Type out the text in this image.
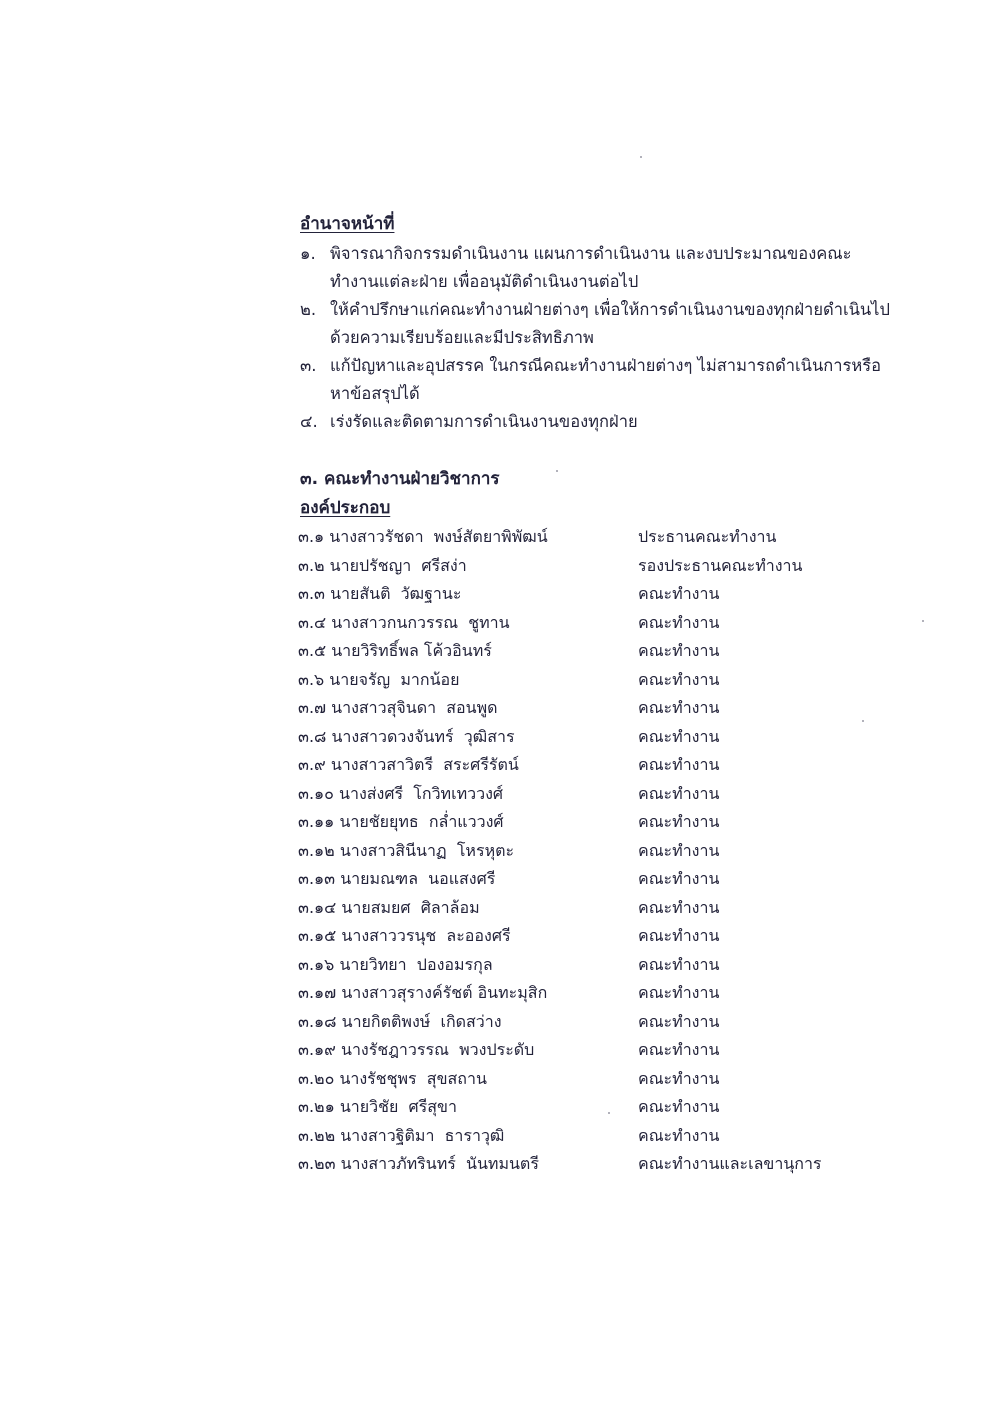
อำนาจหน้าที่
๑. พิจารณากิจกรรมดำเนินงาน แผนการดำเนินงาน และงบประมาณของคณะทำงานแต่ละฝ่าย เพื่ออนุมัติดำเนินงานต่อไป
๒. ให้คำปรึกษาแก่คณะทำงานฝ่ายต่างๆ เพื่อให้การดำเนินงานของทุกฝ่ายดำเนินไปด้วยความเรียบร้อยและมีประสิทธิภาพ
๓. แก้ปัญหาและอุปสรรค ในกรณีคณะทำงานฝ่ายต่างๆ ไม่สามารถดำเนินการหรือหาข้อสรุปได้
๔. เร่งรัดและติดตามการดำเนินงานของทุกฝ่าย
๓. คณะทำงานฝ่ายวิชาการ
องค์ประกอบ
๓.๑ นางสาวรัชดา  พงษ์สัตยาพิพัฒน์	ประธานคณะทำงาน
๓.๒ นายปรัชญา  ศรีสง่า	รองประธานคณะทำงาน
๓.๓ นายสันติ  วัฒฐานะ	คณะทำงาน
๓.๔ นางสาวกนกวรรณ  ชูทาน	คณะทำงาน
๓.๕ นายวิริทธิ์พล โค้วอินทร์	คณะทำงาน
๓.๖ นายจรัญ  มากน้อย	คณะทำงาน
๓.๗ นางสาวสุจินดา  สอนพูด	คณะทำงาน
๓.๘ นางสาวดวงจันทร์  วุฒิสาร	คณะทำงาน
๓.๙ นางสาวสาวิตรี  สระศรีรัตน์	คณะทำงาน
๓.๑๐ นางส่งศรี  โกวิทเทววงศ์	คณะทำงาน
๓.๑๑ นายชัยยุทธ  กล่ำแววงศ์	คณะทำงาน
๓.๑๒ นางสาวสินีนาฏ  โหรหุตะ	คณะทำงาน
๓.๑๓ นายมณฑล  นอแสงศรี	คณะทำงาน
๓.๑๔ นายสมยศ  ศิลาล้อม	คณะทำงาน
๓.๑๕ นางสาววรนุช  ละอองศรี	คณะทำงาน
๓.๑๖ นายวิทยา  ปองอมรกุล	คณะทำงาน
๓.๑๗ นางสาวสุรางค์รัชต์ อินทะมุสิก	คณะทำงาน
๓.๑๘ นายกิตติพงษ์  เกิดสว่าง	คณะทำงาน
๓.๑๙ นางรัชฎาวรรณ  พวงประดับ	คณะทำงาน
๓.๒๐ นางรัชชุพร  สุขสถาน	คณะทำงาน
๓.๒๑ นายวิชัย  ศรีสุขา	คณะทำงาน
๓.๒๒ นางสาวฐิติมา  ธาราวุฒิ	คณะทำงาน
๓.๒๓ นางสาวภัทรินทร์  นันทมนตรี	คณะทำงานและเลขานุการ
